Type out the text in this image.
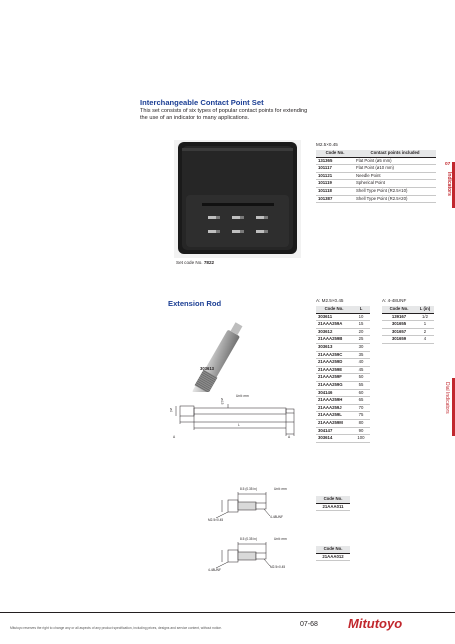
Interchangeable Contact Point Set
This set consists of six types of popular contact points for extending the use of an indicator to many applications.
Set code No. 7822
M2.5×0.45
Code No.	Contact points included
131365	Flat Point (ø5 mm)
101117	Flat Point (ø10 mm)
101121	Needle Point
101119	Spherical Point
101118	Shell Type Point (R2.5×10)
101387	Shell Type Point (R2.5×20)
07
Indicators
Extension Rod
303613
Unit: mm
ø4
ø4.5
L
A
A
A: M2.5×0.45
Code No.	L
303611	10
21AAA259A	15
303612	20
21AAA259B	25
303613	30
21AAA259C	35
21AAA259D	40
21AAA259E	45
21AAA259F	50
21AAA259G	55
304146	60
21AAA259H	65
21AAA259J	70
21AAA259L	75
21AAA259M	80
304147	90
303614	100
A: 4-48UNF
Code No.	L (in)
139167	1/2
301655	1
301657	2
301659	4
Dial Indicators
8.5 (0.35 in)	Unit: mm
M2.5×0.45
4-48UNF
Code No.
21AAA011
8.5 (0.35 in)	Unit: mm
4-48UNF
M2.5×0.45
Code No.
21AAA012
Mitutoyo reserves the right to change any or all aspects of any product specification, including prices, designs and service content, without notice.	07-68 Mitutoyo
